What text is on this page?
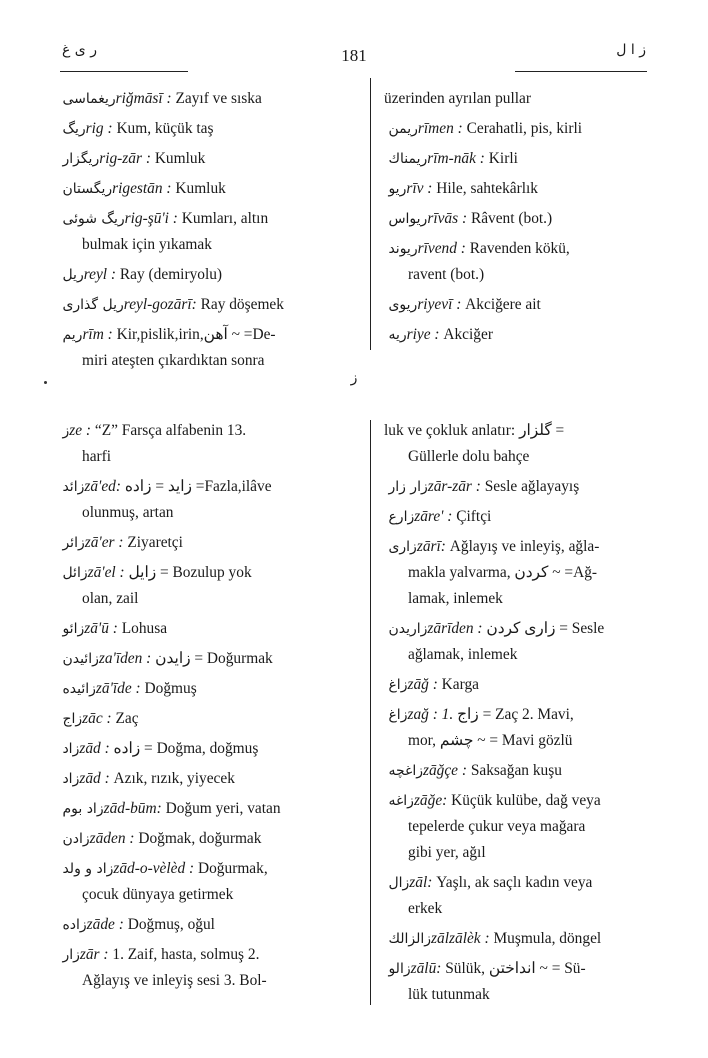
ر ی غ	181	ز ا ل
ز
ریغماسی riğmāsī : Zayıf ve sıska
ریگ rig : Kum, küçük taş
ریگزار rig-zār : Kumluk
ریگستان rigestān : Kumluk
ریگ شوئی rig-şū'i : Kumları, altın
bulmak için yıkamak
ریل reyl : Ray (demiryolu)
ریل گذاری reyl-gozārī: Ray döşemek
ریم rīm : Kir,pislik,irin,آهن ~ =De-
miri ateşten çıkardıktan sonra
üzerinden ayrılan pullar
ریمن rīmen : Cerahatli, pis, kirli
ریمناك rīm-nāk : Kirli
ریو rīv : Hile, sahtekârlık
ریواس rīvās : Râvent (bot.)
ریوند rīvend : Ravenden kökü,
ravent (bot.)
ریوی riyevī : Akciğere ait
ریه riye : Akciğer
ز ze : “Z” Farsça alfabenin 13.
harfi
زائد zā'ed: زاید = زاده =Fazla,ilâve
olunmuş, artan
زائر zā'er : Ziyaretçi
زائل zā'el : زایل = Bozulup yok
olan, zail
زائو zā'ū : Lohusa
زائیدن za'īden : زایدن = Doğurmak
زائیده zā'īde : Doğmuş
زاج zāc : Zaç
زاد zād : زاده = Doğma, doğmuş
زاد zād : Azık, rızık, yiyecek
زاد بوم zād-būm: Doğum yeri, vatan
زادن zāden : Doğmak, doğurmak
زاد و ولد zād-o-vèlèd : Doğurmak,
çocuk dünyaya getirmek
زاده zāde : Doğmuş, oğul
زار zār : 1. Zaif, hasta, solmuş 2.
Ağlayış ve inleyiş sesi 3. Bol-
luk ve çokluk anlatır: گلزار =
Güllerle dolu bahçe
زار زار zār-zār : Sesle ağlayayış
زارع zāre' : Çiftçi
زاری zārī: Ağlayış ve inleyiş, ağla-
makla yalvarma, کردن ~ =Ağ-
lamak, inlemek
زاریدن zārīden : زاری کردن = Sesle
ağlamak, inlemek
زاغ zāğ : Karga
زاغ zağ : 1. زاج = Zaç 2. Mavi,
mor, چشم ~ = Mavi gözlü
زاغچه zāğçe : Saksağan kuşu
زاغه zāğe: Küçük kulübe, dağ veya
tepelerde çukur veya mağara
gibi yer, ağıl
زال zāl: Yaşlı, ak saçlı kadın veya
erkek
زالزالك zālzālèk : Muşmula, döngel
زالو zālū: Sülük, انداختن ~ = Sü-
lük tutunmak
